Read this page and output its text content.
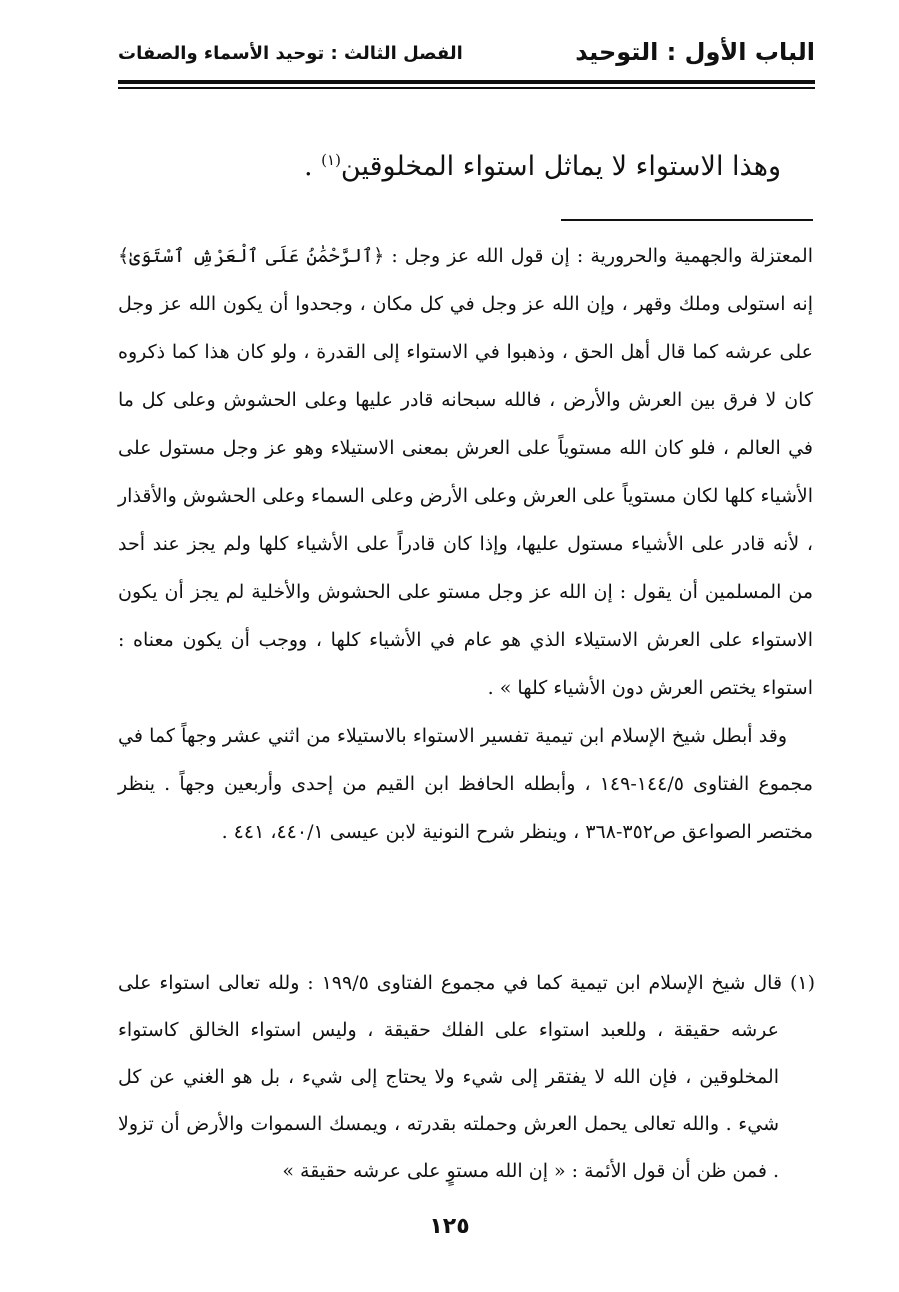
الباب الأول : التوحيد
الفصل الثالث : توحيد الأسماء والصفات
وهذا الاستواء لا يماثل استواء المخلوقين$^{(١)}$ .

المعتزلة والجهمية والحرورية : إن قول الله عز وجل : ﴿ٱلرَّحْمَٰنُ عَلَى ٱلْعَرْشِ ٱسْتَوَىٰ﴾ إنه استولى وملك وقهر ، وإن الله عز وجل في كل مكان ، وجحدوا أن يكون الله عز وجل على عرشه كما قال أهل الحق ، وذهبوا في الاستواء إلى القدرة ، ولو كان هذا كما ذكروه كان لا فرق بين العرش والأرض ، فالله سبحانه قادر عليها وعلى الحشوش وعلى كل ما في العالم ، فلو كان الله مستوياً على العرش بمعنى الاستيلاء وهو عز وجل مستول على الأشياء كلها لكان مستوياً على العرش وعلى الأرض وعلى السماء وعلى الحشوش والأقذار ، لأنه قادر على الأشياء مستول عليها، وإذا كان قادراً على الأشياء كلها ولم يجز عند أحد من المسلمين أن يقول : إن الله عز وجل مستو على الحشوش والأخلية لم يجز أن يكون الاستواء على العرش الاستيلاء الذي هو عام في الأشياء كلها ، ووجب أن يكون معناه : استواء يختص العرش دون الأشياء كلها » .

وقد أبطل شيخ الإسلام ابن تيمية تفسير الاستواء بالاستيلاء من اثني عشر وجهاً كما في مجموع الفتاوى ١٤٤/٥-١٤٩ ، وأبطله الحافظ ابن القيم من إحدى وأربعين وجهاً . ينظر مختصر الصواعق ص٣٥٢-٣٦٨ ، وينظر شرح النونية لابن عيسى ٤٤٠/١، ٤٤١ .

(١) قال شيخ الإسلام ابن تيمية كما في مجموع الفتاوى ١٩٩/٥ : ولله تعالى استواء على عرشه حقيقة ، وللعبد استواء على الفلك حقيقة ، وليس استواء الخالق كاستواء المخلوقين ، فإن الله لا يفتقر إلى شيء ولا يحتاج إلى شيء ، بل هو الغني عن كل شيء . والله تعالى يحمل العرش وحملته بقدرته ، ويمسك السموات والأرض أن تزولا . فمن ظن أن قول الأئمة : « إن الله مستوٍ على عرشه حقيقة »
١٢٥
